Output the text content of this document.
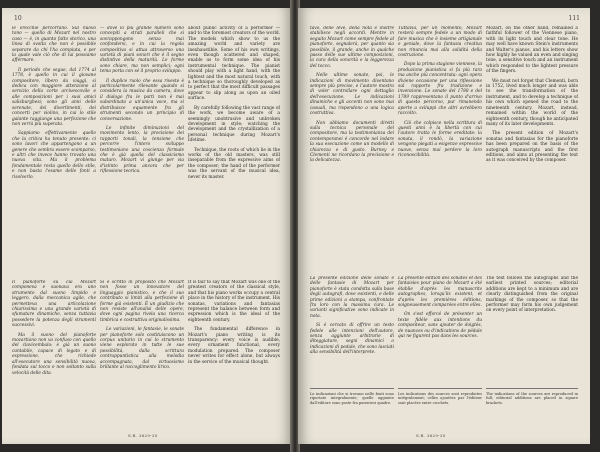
10

le orecchie percorrano. Sul nuovo tono — quello di Mozart nel nostro caso — è, in quanto fatto storico, una linea di svolta che non è possibile separare da chi l'ha compiuta, e per la quale vale ciò che di lui possiamo affermare.

Il periodo che segue, dal 1774 al 1778, è quello in cui il giovane compositore, libero da viaggi, si dedica con maggiore attenzione al servizio della corte arcivescovile e alle composizioni per i suoi amici salisburghesi; sono gli anni delle serenate, dei divertimenti, dei concerti per violino, in cui lo stile galante raggiunge una perfezione che non verrà più superata.

Sappiamo effettivamente quello che la critica ha tenuto presente: ci sono lavori che appartengono a un genere che sembra essere scomparso, e altri che invece hanno trovato una nuova vita. Ma il problema fondamentale resta quello dello stile, e non basta l'esame delle fonti a risolverlo.

— dove lo più grande numero sono concepiti a strati paralleli che si sovrappongono senza mai confondersi, e in cui la regola compositiva si attua attraverso una varietà di piani sonori che è il segno distintivo della maturità. Le forme sono chiare, ma non semplici; ogni tema porta con sé il proprio sviluppo.

Il duplice ruolo che essa riveste è particolarmente rilevante quando si considera la musica da camera, dove il dialogo fra le parti non è mai subordinato a un'unica voce, ma si distribuisce equamente fra gli strumenti secondo un principio di conversazione.

Le infinite diminuzioni del movimento lento, la precisione dei rapporti tonali, la tensione che percorre l'intero sviluppo testimoniano una coscienza formale che è già quella del classicismo maturo. Mozart vi giunge per via d'istinto prima ancora che per riflessione teorica.

about public activity of a performer — and to the foremost creators of the world. The models which show to us the amazing world and variety are inexhaustible. Some of his own writings, even though scattered and shaped, enable us to form some idea of his instrumental technique. The pianist should play with a light hand, with the lightest and the most natural touch, with a technique so thoroughly developed as to perfect that the most difficult passages appear to slip along as upon an oiled surface.

By carefully following the vast range of the work, we become aware of a seemingly unobtrusive and unbroken development in style; watching the development and the crystallization of a personal technique during Mozart's lifetime.

Technique, the roots of which lie in the works of the old masters, was still inseparable from the expressive aims of the composer; the hand of the performer was the servant of the musical idea, never its master.

Il pianoforte su cui Mozart componeva e suonava era uno strumento dal suono limpido e leggero, dalla meccanica agile, che permetteva una articolazione chiarissima e una grande varietà di sfumature dinamiche, senza tuttavia possedere la potenza degli strumenti successivi.

Ma il suono del pianoforte mozartiano non va confuso con quello del clavicembalo: è già un suono cantabile, capace di legato e di espressione, che richiede all'esecutore una sensibilità nuova, fondata sul tocco e non soltanto sulla velocità delle dita.

Si è scritto in proposito che Mozart non fosse un innovatore del linguaggio pianistico, e che il suo contributo si limiti alla perfezione di forme già esistenti. È un giudizio che non resiste all'analisi delle opere, dove ogni pagina rivela una ricerca timbrica e costruttiva originalissima.

Le variazioni, le fantasie, le sonate per pianoforte solo costituiscono un corpus unitario in cui lo strumento viene esplorato in tutte le sue possibilità, dalla scrittura contrappuntistica alla melodia accompagnata, dal virtuosismo brillante al raccoglimento lirico.

It is fair to say that Mozart was one of the greatest creators of the classical style, and that his piano works occupy a central place in the history of the instrument. His sonatas, variations and fantasias represent the balance between form and expression which is the ideal of the eighteenth century.

The fundamental difference in Mozart's piano writing is its transparency: every voice is audible, every ornament functional, every modulation prepared. The composer never writes for effect alone, but always in the service of the musical thought.

S.B. 3629-30
111

tavo, delle leve, della nota e inoltre stabilisce negli accordi. Mentre in seguito Mozart come sempre fedele al pianoforte, segnalerà, per quanto sia possibile, il grande, anche in qualche passo delle sue ultime composizioni, la cura della sonorità e la leggerezza del tocco.

Nelle ultime sonate, poi, le indicazioni di movimento diventano sempre più precise, e l'autore mostra di voler controllare ogni dettaglio dell'esecuzione. Le indicazioni dinamiche e gli accenti non sono mai casuali, ma rispondono a una logica costruttiva.

Non abbiamo documenti diretti sulla tecnica personale del compositore, ma la testimonianza dei contemporanei è concorde nel lodare la sua esecuzione come un modello di chiarezza e di gusto. Burney e Clementi ne ricordano la precisione e la delicatezza.

Tuttavia, per un momento, Mozart resterà sempre fedele a un modo di fare musica che è insieme artigianale e geniale, dove la fantasia creativa non rinuncia mai alla solidità della costruzione.

Dopo la prima stagione viennese, la produzione pianistica si fa più rara ma anche più concentrata: ogni opera diviene occasione per una riflessione sul rapporto fra tradizione e invenzione. Le sonate del 1788 e del 1789 rappresentano il punto d'arrivo di questo percorso, pur rimanendo aperte a sviluppi che altri avrebbero raccolto.

Ciò che colpisce nella scrittura di questi anni è la libertà con cui l'autore tratta le forme ereditate: la sonata, il rondò, la variazione vengono piegati a esigenze espressive nuove, senza mai perdere la loro riconoscibilità.

Mozart, on the other hand, remained a faithful follower of the Viennese piano, with its light touch and clear tone. He may well have known Stein's instruments and Walter's pianos, and his letters show how highly he valued an even and singing tone, a sensitive touch and an instrument which responded to the lightest pressure of the fingers.

We must not forget that Clementi, born in 1752, lived much longer and was able to see the transformation of the instrument, and to develop a technique of his own which opened the road to the nineteenth century. Mozart, instead, remained within the world of the eighteenth century, though he anticipated many of its later developments.

The present edition of Mozart's sonatas and fantasias for the pianoforte has been prepared on the basis of the autograph manuscripts and the first editions, and aims at presenting the text as it was conceived by the composer.

La presente edizione delle sonate e delle fantasie di Mozart per pianoforte è stata condotta sulla base degli autografi, dove esistenti, e delle prime edizioni a stampa, confrontate fra loro con la massima cura. Le varianti significative sono indicate in nota.

Si è cercato di offrire un testo fedele alle intenzioni dell'autore, senza aggiunte arbitrarie di diteggiature, segni dinamici o indicazioni di pedale, che sono lasciati alla sensibilità dell'interprete.

La présente édition des sonates et des fantaisies pour piano de Mozart a été établie d'après les manuscrits autographes, lorsqu'ils existent, et d'après les premières éditions, soigneusement comparées entre elles.

On s'est efforcé de présenter un texte fidèle aux intentions du compositeur, sans ajouter de doigtés, de nuances ou d'indications de pédale qui ne figurent pas dans les sources.

The text follows the autographs and the earliest printed sources; editorial additions are kept to a minimum and are clearly distinguished from the original markings of the composer, so that the performer may form his own judgement on every point of interpretation.

Le indicazioni che si trovano nelle fonti sono riportate integralmente; quelle aggiunte dall'editore sono poste fra parentesi quadre.

Les indications des sources sont reproduites intégralement; celles ajoutées par l'éditeur sont placées entre crochets.

The indications of the sources are reproduced in full; editorial additions are placed in square brackets.

S.B. 3629-30
